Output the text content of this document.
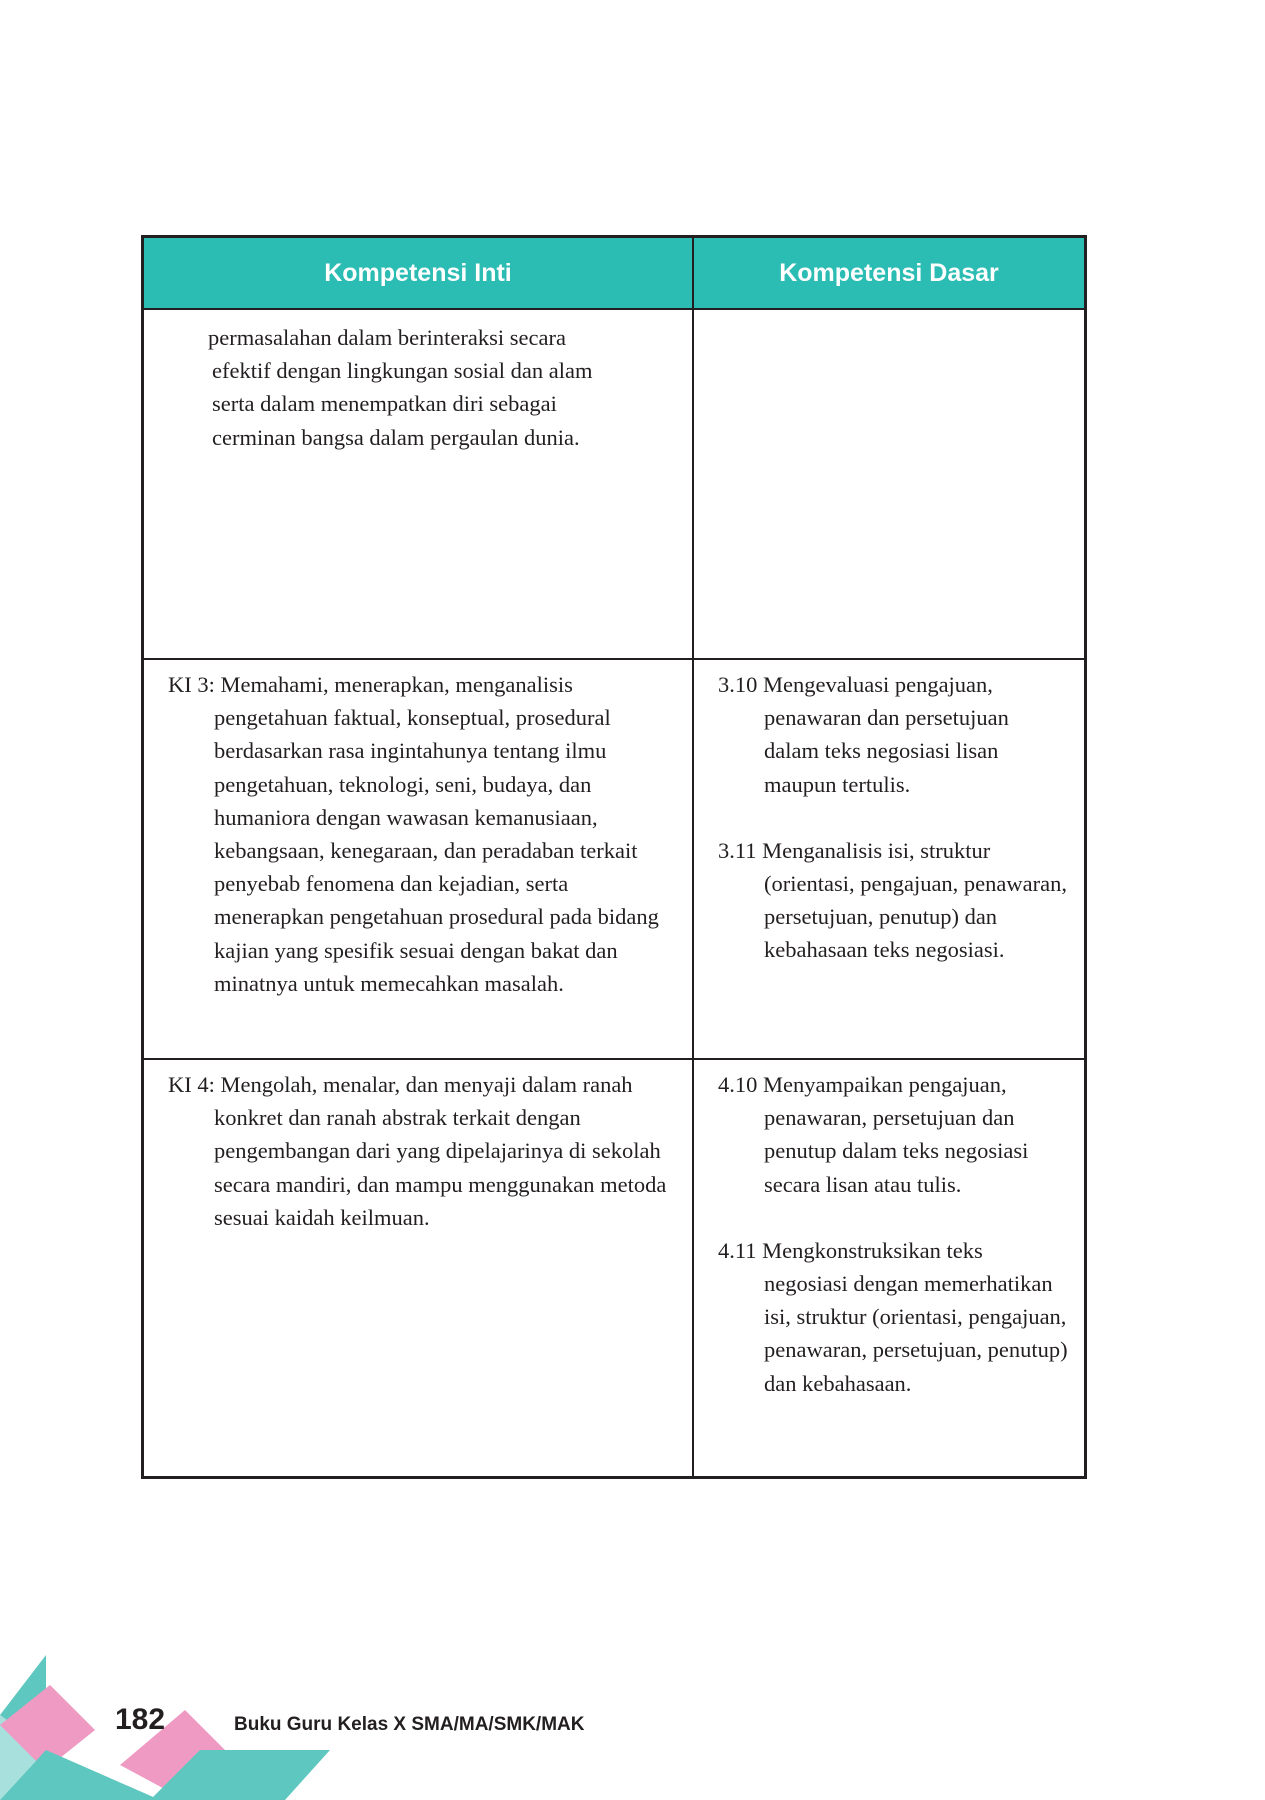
Kompetensi Inti	Kompetensi Dasar
permasalahan dalam berinteraksi secara
efektif dengan lingkungan sosial dan alam
serta dalam menempatkan diri sebagai
cerminan bangsa dalam pergaulan dunia.
KI 3: Memahami, menerapkan, menganalisis pengetahuan faktual, konseptual, prosedural berdasarkan rasa ingintahunya tentang ilmu pengetahuan, teknologi, seni, budaya, dan humaniora dengan wawasan kemanusiaan, kebangsaan, kenegaraan, dan peradaban terkait penyebab fenomena dan kejadian, serta menerapkan pengetahuan prosedural pada bidang kajian yang spesifik sesuai dengan bakat dan minatnya untuk memecahkan masalah.
3.10 Mengevaluasi pengajuan, penawaran dan persetujuan dalam teks negosiasi lisan maupun tertulis.
3.11 Menganalisis isi, struktur (orientasi, pengajuan, penawaran, persetujuan, penutup) dan kebahasaan teks negosiasi.
KI 4: Mengolah, menalar, dan menyaji dalam ranah konkret dan ranah abstrak terkait dengan pengembangan dari yang dipelajarinya di sekolah secara mandiri, dan mampu menggunakan metoda sesuai kaidah keilmuan.
4.10 Menyampaikan pengajuan, penawaran, persetujuan dan penutup dalam teks negosiasi secara lisan atau tulis.
4.11 Mengkonstruksikan teks negosiasi dengan memerhatikan isi, struktur (orientasi, pengajuan, penawaran, persetujuan, penutup) dan kebahasaan.
182	Buku Guru Kelas X SMA/MA/SMK/MAK
